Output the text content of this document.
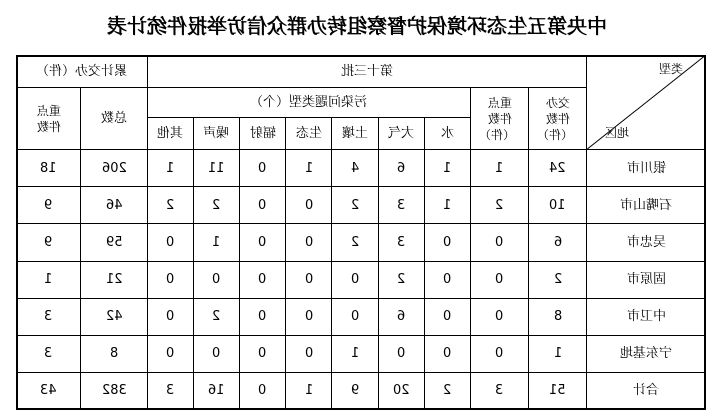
中央第五生态环境保护督察组转办群众信访举报件统计表
累计交办（件）		第十三批									类型
地区

重点件数	总数	污染问题类型（个）							重点件数（件）	交办件数（件）	
		其他	噪声	辐射	生态	土壤	大气	水			
18	206	1	11	0	1	4	6	1	1	24	银川市
9	46	2	2	0	0	2	3	1	2	10	石嘴山市
9	59	0	1	0	0	2	3	0	0	6	吴忠市
1	21	0	0	0	0	0	2	0	0	2	固原市
3	42	0	2	0	0	0	6	0	0	8	中卫市
3	8	0	0	0	0	1	0	0	0	1	宁东基地
43	382	3	16	0	1	9	20	2	3	51	合计
